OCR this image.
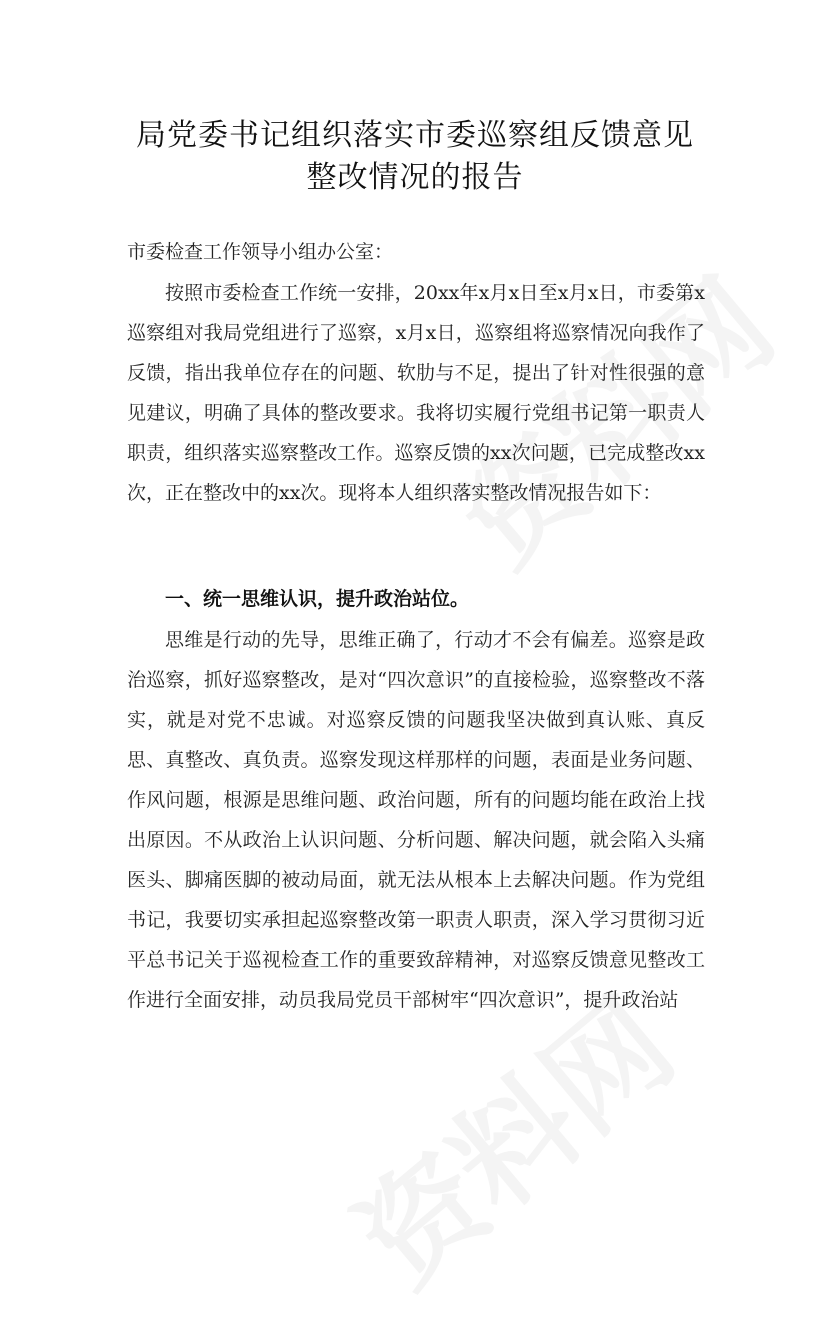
局党委书记组织落实市委巡察组反馈意见
整改情况的报告
市委检查工作领导小组办公室：
按照市委检查工作统一安排，20xx年x月x日至x月x日，市委第x巡察组对我局党组进行了巡察，x月x日，巡察组将巡察情况向我作了反馈，指出我单位存在的问题、软肋与不足，提出了针对性很强的意见建议，明确了具体的整改要求。我将切实履行党组书记第一职责人职责，组织落实巡察整改工作。巡察反馈的xx次问题，已完成整改xx次，正在整改中的xx次。现将本人组织落实整改情况报告如下：
一、统一思维认识，提升政治站位。
思维是行动的先导，思维正确了，行动才不会有偏差。巡察是政治巡察，抓好巡察整改，是对“四次意识”的直接检验，巡察整改不落实，就是对党不忠诚。对巡察反馈的问题我坚决做到真认账、真反思、真整改、真负责。巡察发现这样那样的问题，表面是业务问题、作风问题，根源是思维问题、政治问题，所有的问题均能在政治上找出原因。不从政治上认识问题、分析问题、解决问题，就会陷入头痛医头、脚痛医脚的被动局面，就无法从根本上去解决问题。作为党组书记，我要切实承担起巡察整改第一职责人职责，深入学习贯彻习近平总书记关于巡视检查工作的重要致辞精神，对巡察反馈意见整改工作进行全面安排，动员我局党员干部树牢“四次意识”，提升政治站
